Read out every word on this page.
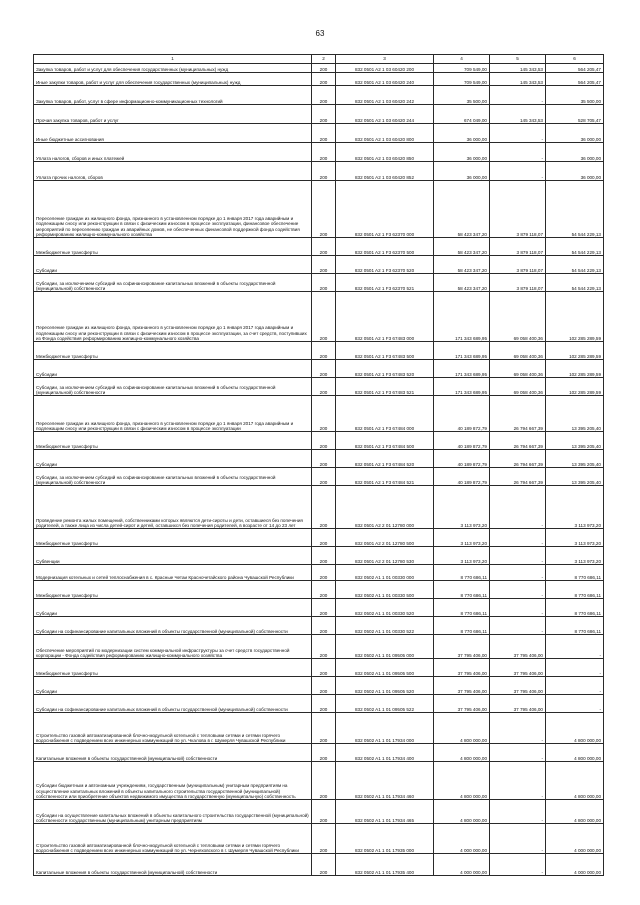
63
1	2	3	4	5	6
Закупка товаров, работ и услуг для обеспечения государственных (муниципальных) нужд	200	832 0501 A2 1 03 60420 200	709 549,00	145 343,53	564 205,47
Иные закупки товаров, работ и услуг для обеспечения государственных (муниципальных) нужд	200	832 0501 A2 1 03 60420 240	709 549,00	145 343,53	564 205,47
Закупка товаров, работ, услуг в сфере информационно-коммуникационных технологий	200	832 0501 A2 1 03 60420 242	35 500,00	-	35 500,00
Прочая закупка товаров, работ и услуг	200	832 0501 A2 1 03 60420 244	674 049,00	145 343,53	528 705,47
Иные бюджетные ассигнования	200	832 0501 A2 1 03 60420 800	36 000,00	-	36 000,00
Уплата налогов, сборов и иных платежей	200	832 0501 A2 1 03 60420 850	36 000,00	-	36 000,00
Уплата прочих налогов, сборов	200	832 0501 A2 1 03 60420 852	36 000,00	-	36 000,00
Переселение граждан из жилищного фонда, признанного в установленном порядке до 1 января 2017 года аварийным и подлежащим сносу или реконструкции в связи с физическим износом в процессе эксплуатации, финансовое обеспечение мероприятий по переселению граждан из аварийных домов, не обеспеченных финансовой поддержкой фонда содействия реформированию жилищно-коммунального хозяйства	200	832 0501 A2 1 F3 62370 000	58 423 347,20	3 879 118,07	54 544 229,13
Межбюджетные трансферты	200	832 0501 A2 1 F3 62370 500	58 423 347,20	3 879 118,07	54 544 229,13
Субсидии	200	832 0501 A2 1 F3 62370 520	58 423 347,20	3 879 118,07	54 544 229,13
Субсидии, за исключением субсидий на софинансирование капитальных вложений в объекты государственной (муниципальной) собственности	200	832 0501 A2 1 F3 62370 521	58 423 347,20	3 879 118,07	54 544 229,13
Переселение граждан из жилищного фонда, признанного в установленном порядке до 1 января 2017 года аварийным и подлежащим сносу или реконструкции в связи с физическим износом в процессе эксплуатации, за счет средств, поступивших из Фонда содействия реформированию жилищно-коммунального хозяйства	200	832 0501 A2 1 F3 67483 000	171 343 689,95	69 058 400,36	102 285 289,59
Межбюджетные трансферты	200	832 0501 A2 1 F3 67483 500	171 343 689,95	69 058 400,36	102 285 289,59
Субсидии	200	832 0501 A2 1 F3 67483 520	171 343 689,95	69 058 400,36	102 285 289,59
Субсидии, за исключением субсидий на софинансирование капитальных вложений в объекты государственной (муниципальной) собственности	200	832 0501 A2 1 F3 67483 521	171 343 689,95	69 058 400,36	102 285 289,59
Переселение граждан из жилищного фонда, признанного в установленном порядке до 1 января 2017 года аварийным и подлежащим сносу или реконструкции в связи с физическим износом в процессе эксплуатации	200	832 0501 A2 1 F3 67484 000	40 189 872,79	26 794 667,39	13 395 205,40
Межбюджетные трансферты	200	832 0501 A2 1 F3 67484 500	40 189 872,79	26 794 667,39	13 395 205,40
Субсидии	200	832 0501 A2 1 F3 67484 520	40 189 872,79	26 794 667,39	13 395 205,40
Субсидии, за исключением субсидий на софинансирование капитальных вложений в объекты государственной (муниципальной) собственности	200	832 0501 A2 1 F3 67484 521	40 189 872,79	26 794 667,39	13 395 205,40
Проведение ремонта жилых помещений, собственниками которых являются дети-сироты и дети, оставшиеся без попечения родителей, а также лица из числа детей-сирот и детей, оставшихся без попечения родителей, в возрасте от 14 до 23 лет	200	832 0501 A2 2 01 12780 000	3 113 973,20	-	3 113 973,20
Межбюджетные трансферты	200	832 0501 A2 2 01 12780 500	3 113 973,20	-	3 113 973,20
Субвенции	200	832 0501 A2 2 01 12780 530	3 113 973,20	-	3 113 973,20
Модернизация котельных и сетей теплоснабжения в с. Красные Четаи Красночетайского района Чувашской Республики	200	832 0502 A1 1 01 00330 000	8 770 686,11	-	8 770 686,11
Межбюджетные трансферты	200	832 0502 A1 1 01 00330 500	8 770 686,11	-	8 770 686,11
Субсидии	200	832 0502 A1 1 01 00330 520	8 770 686,11	-	8 770 686,11
Субсидии на софинансирование капитальных вложений в объекты государственной (муниципальной) собственности	200	832 0502 A1 1 01 00330 522	8 770 686,11	-	8 770 686,11
Обеспечение мероприятий по модернизации систем коммунальной инфраструктуры за счет средств государственной корпорации - Фонда содействия реформированию жилищно-коммунального хозяйства	200	832 0502 A1 1 01 09505 000	37 795 406,00	37 795 406,00	-
Межбюджетные трансферты	200	832 0502 A1 1 01 09505 500	37 795 406,00	37 795 406,00	-
Субсидии	200	832 0502 A1 1 01 09505 520	37 795 406,00	37 795 406,00	-
Субсидии на софинансирование капитальных вложений в объекты государственной (муниципальной) собственности	200	832 0502 A1 1 01 09505 522	37 795 406,00	37 795 406,00	-
Строительство газовой автоматизированной блочно-модульной котельной с тепловыми сетями и сетями горячего водоснабжения с подведением всех инженерных коммуникаций по ул. Чкалова в г. Шумерля Чувашской Республики	200	832 0502 A1 1 01 17934 000	4 800 000,00	-	4 800 000,00
Капитальные вложения в объекты государственной (муниципальной) собственности	200	832 0502 A1 1 01 17934 400	4 800 000,00	-	4 800 000,00
Субсидии бюджетным и автономным учреждениям, государственным (муниципальным) унитарным предприятиям на осуществление капитальных вложений в объекты капитального строительства государственной (муниципальной) собственности или приобретение объектов недвижимого имущества в государственную (муниципальную) собственность	200	832 0502 A1 1 01 17934 460	4 800 000,00	-	4 800 000,00
Субсидии на осуществление капитальных вложений в объекты капитального строительства государственной (муниципальной) собственности государственным (муниципальным) унитарным предприятиям	200	832 0502 A1 1 01 17934 465	4 800 000,00	-	4 800 000,00
Строительство газовой автоматизированной блочно-модульной котельной с тепловыми сетями и сетями горячего водоснабжения с подведением всех инженерных коммуникаций по ул. Черняховского в г. Шумерля Чувашской Республики	200	832 0502 A1 1 01 17935 000	4 000 000,00	-	4 000 000,00
Капитальные вложения в объекты государственной (муниципальной) собственности	200	832 0502 A1 1 01 17935 400	4 000 000,00	-	4 000 000,00
